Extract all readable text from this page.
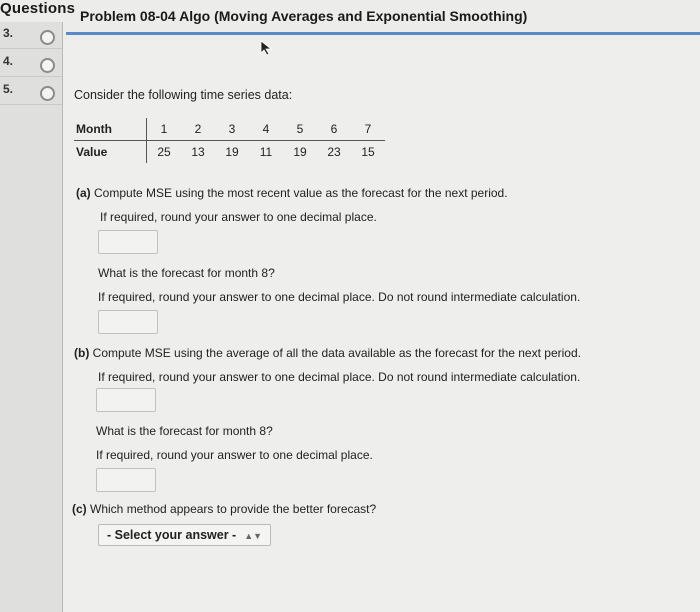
Questions Problem 08-04 Algo (Moving Averages and Exponential Smoothing)
3.
4.
5.	Consider the following time series data:
Month	1	2	3	4	5	6	7
Value	25	13	19	11	19	23	15
(a) Compute MSE using the most recent value as the forecast for the next period.
If required, round your answer to one decimal place.
What is the forecast for month 8?
If required, round your answer to one decimal place. Do not round intermediate calculation.
(b) Compute MSE using the average of all the data available as the forecast for the next period.
If required, round your answer to one decimal place. Do not round intermediate calculation.
What is the forecast for month 8?
If required, round your answer to one decimal place.
(c) Which method appears to provide the better forecast?
- Select your answer - ▲▼
